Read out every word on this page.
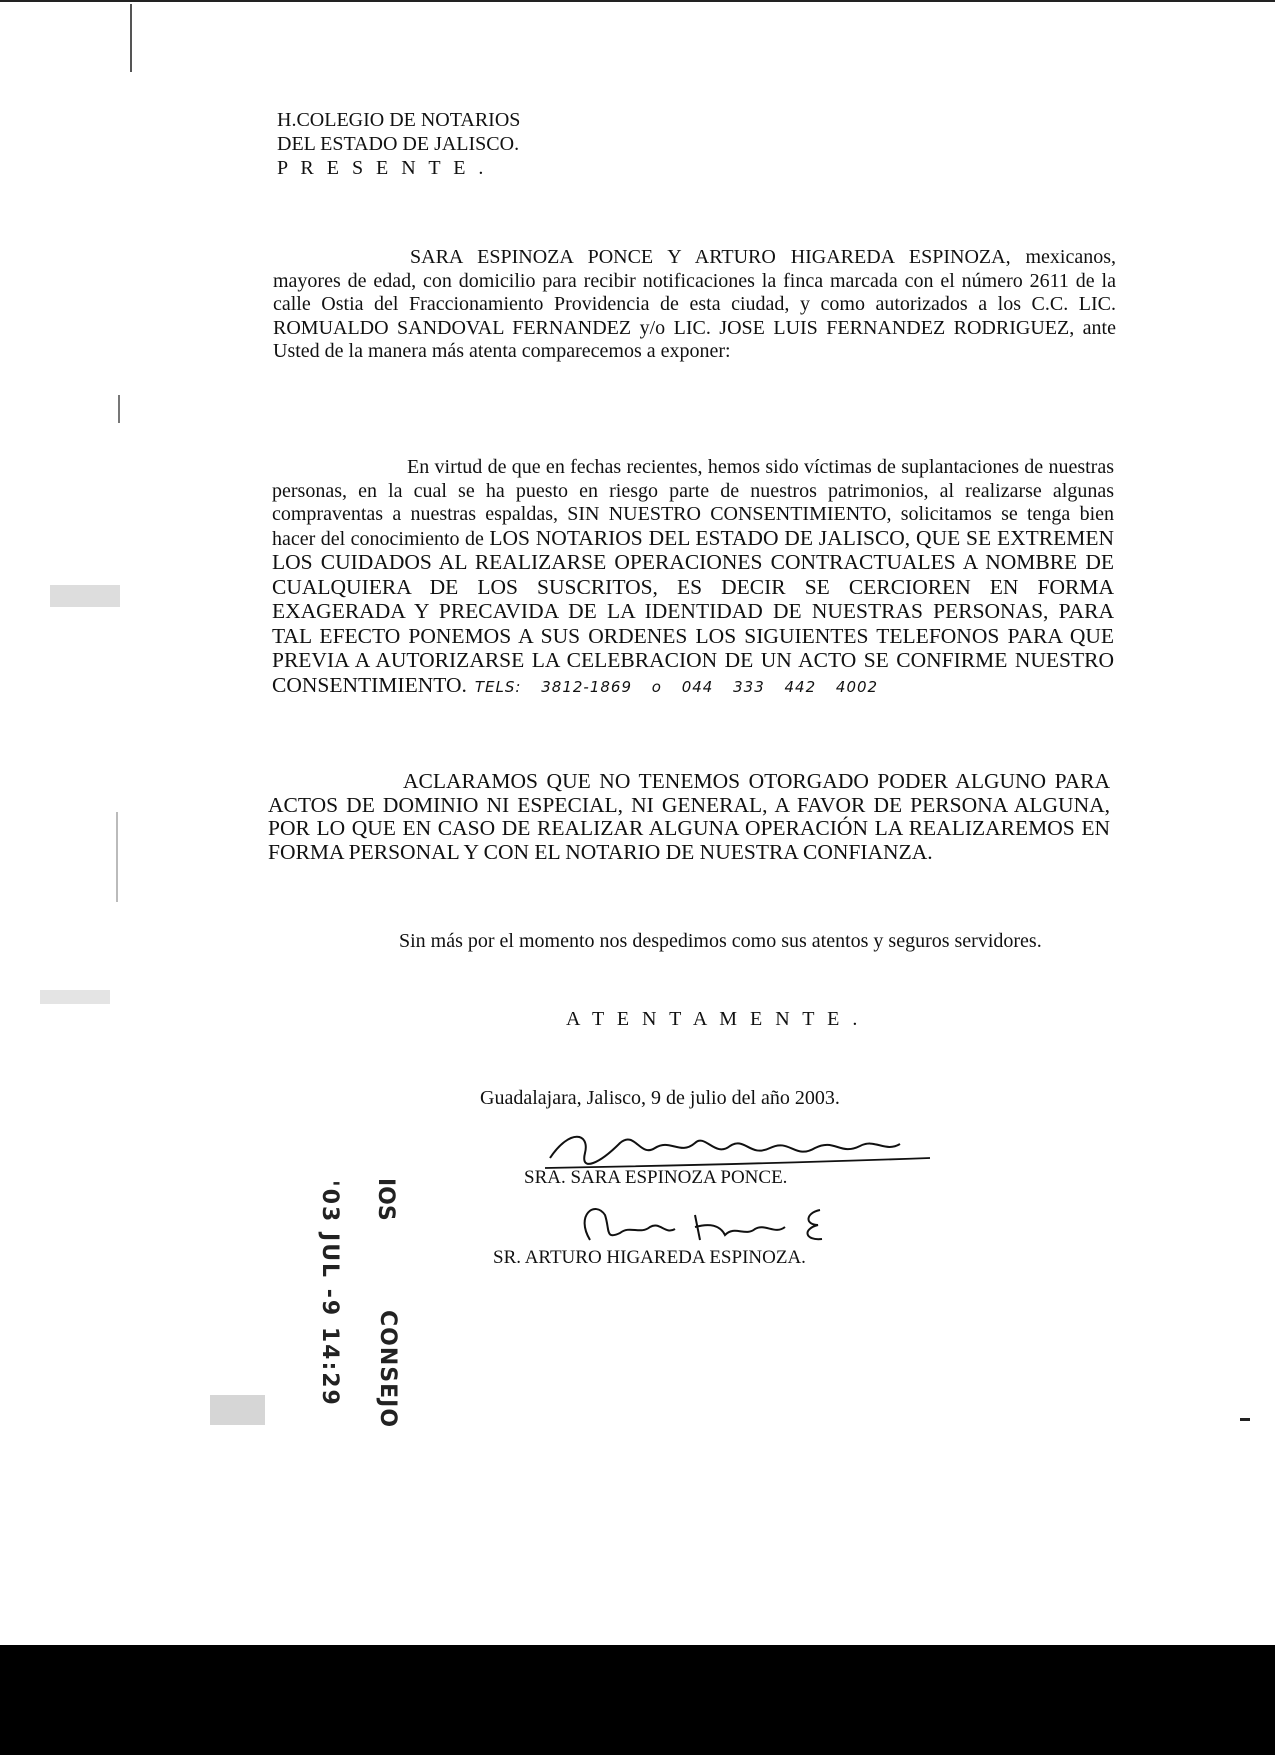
H.COLEGIO DE NOTARIOS
DEL ESTADO DE JALISCO.
P R E S E N T E .
SARA ESPINOZA PONCE Y ARTURO HIGAREDA ESPINOZA, mexicanos, mayores de edad, con domicilio para recibir notificaciones la finca marcada con el número 2611 de la calle Ostia del Fraccionamiento Providencia de esta ciudad, y como autorizados a los C.C. LIC. ROMUALDO SANDOVAL FERNANDEZ y/o LIC. JOSE LUIS FERNANDEZ RODRIGUEZ, ante Usted de la manera más atenta comparecemos a exponer:
En virtud de que en fechas recientes, hemos sido víctimas de suplantaciones de nuestras personas, en la cual se ha puesto en riesgo parte de nuestros patrimonios, al realizarse algunas compraventas a nuestras espaldas, SIN NUESTRO CONSENTIMIENTO, solicitamos se tenga bien hacer del conocimiento de LOS NOTARIOS DEL ESTADO DE JALISCO, QUE SE EXTREMEN LOS CUIDADOS AL REALIZARSE OPERACIONES CONTRACTUALES A NOMBRE DE CUALQUIERA DE LOS SUSCRITOS, ES DECIR SE CERCIOREN EN FORMA EXAGERADA Y PRECAVIDA DE LA IDENTIDAD DE NUESTRAS PERSONAS, PARA TAL EFECTO PONEMOS A SUS ORDENES LOS SIGUIENTES TELEFONOS PARA QUE PREVIA A AUTORIZARSE LA CELEBRACION DE UN ACTO SE CONFIRME NUESTRO CONSENTIMIENTO. TELS: 3812-1869 o 044 333 442 4002
ACLARAMOS QUE NO TENEMOS OTORGADO PODER ALGUNO PARA ACTOS DE DOMINIO NI ESPECIAL, NI GENERAL, A FAVOR DE PERSONA ALGUNA, POR LO QUE EN CASO DE REALIZAR ALGUNA OPERACIÓN LA REALIZAREMOS EN FORMA PERSONAL Y CON EL NOTARIO DE NUESTRA CONFIANZA.
Sin más por el momento nos despedimos como sus atentos y seguros servidores.
A T E N T A M E N T E .
Guadalajara, Jalisco, 9 de julio del año 2003.
SRA. SARA ESPINOZA PONCE.
SR. ARTURO HIGAREDA ESPINOZA.
'03 JUL -9 14:29 IOS
CONSEJO
